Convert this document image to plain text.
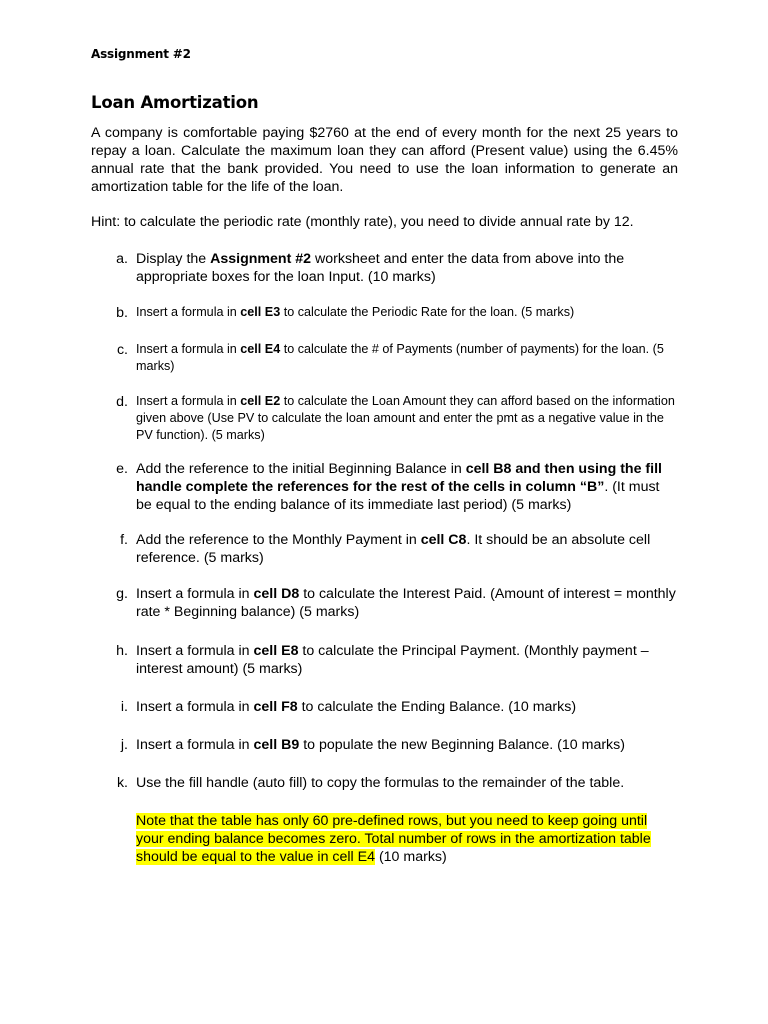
Assignment #2
Loan Amortization
A company is comfortable paying $2760 at the end of every month for the next 25 years to repay a loan. Calculate the maximum loan they can afford (Present value) using the 6.45% annual rate that the bank provided. You need to use the loan information to generate an amortization table for the life of the loan.
Hint: to calculate the periodic rate (monthly rate), you need to divide annual rate by 12.
a. Display the Assignment #2 worksheet and enter the data from above into the appropriate boxes for the loan Input. (10 marks)
b. Insert a formula in cell E3 to calculate the Periodic Rate for the loan. (5 marks)
c. Insert a formula in cell E4 to calculate the # of Payments (number of payments) for the loan. (5 marks)
d. Insert a formula in cell E2 to calculate the Loan Amount they can afford based on the information given above (Use PV to calculate the loan amount and enter the pmt as a negative value in the PV function). (5 marks)
e. Add the reference to the initial Beginning Balance in cell B8 and then using the fill handle complete the references for the rest of the cells in column “B”. (It must be equal to the ending balance of its immediate last period) (5 marks)
f. Add the reference to the Monthly Payment in cell C8. It should be an absolute cell reference. (5 marks)
g. Insert a formula in cell D8 to calculate the Interest Paid. (Amount of interest = monthly rate * Beginning balance) (5 marks)
h. Insert a formula in cell E8 to calculate the Principal Payment. (Monthly payment – interest amount) (5 marks)
i. Insert a formula in cell F8 to calculate the Ending Balance. (10 marks)
j. Insert a formula in cell B9 to populate the new Beginning Balance. (10 marks)
k. Use the fill handle (auto fill) to copy the formulas to the remainder of the table.
Note that the table has only 60 pre-defined rows, but you need to keep going until your ending balance becomes zero. Total number of rows in the amortization table should be equal to the value in cell E4 (10 marks)
